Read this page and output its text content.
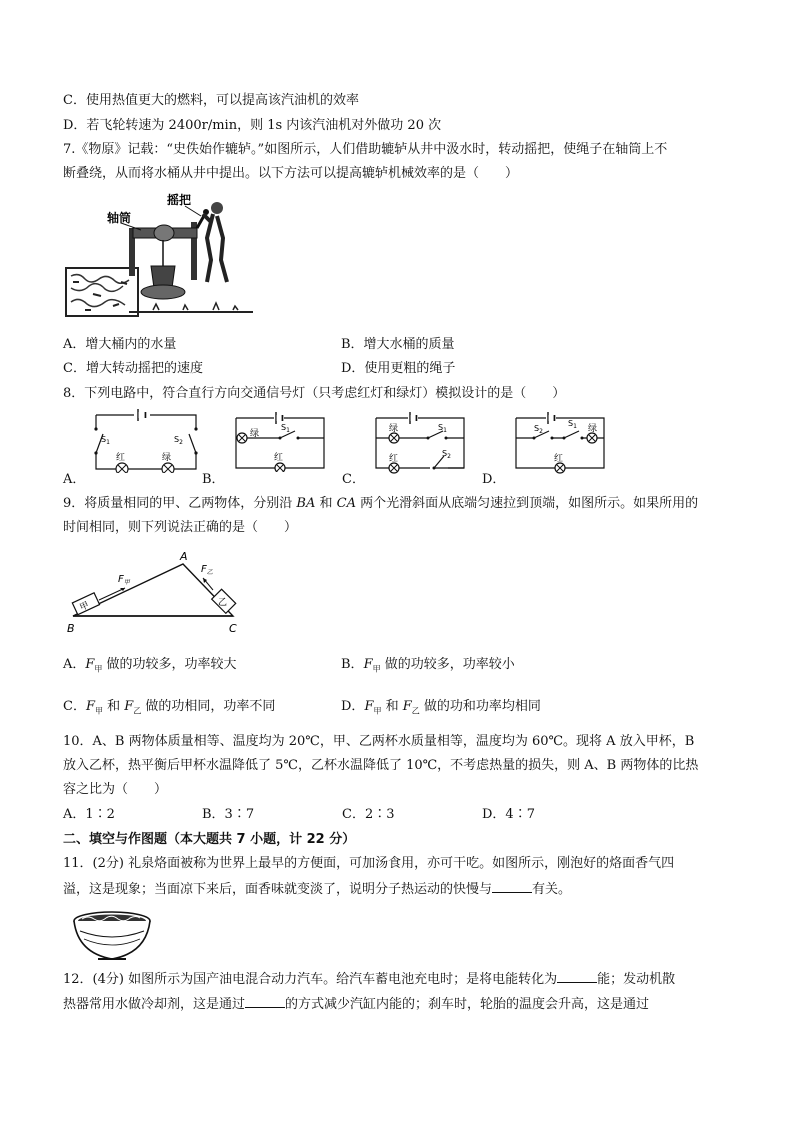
C．使用热值更大的燃料，可以提高该汽油机的效率
D．若飞轮转速为 2400r/min，则 1s 内该汽油机对外做功 20 次
7.《物原》记载：“史佚始作辘轳。”如图所示，人们借助辘轳从井中汲水时，转动摇把，使绳子在轴筒上不
断叠绕，从而将水桶从井中提出。以下方法可以提高辘轳机械效率的是（　　）
轴筒
摇把
A．增大桶内的水量	B．增大水桶的质量
C．增大转动摇把的速度	D．使用更粗的绳子
8．下列电路中，符合直行方向交通信号灯（只考虑红灯和绿灯）模拟设计的是（　　）
$S_1$	$S_2$
红	绿
绿
$S_1$
红
绿	$S_1$
红
$S_2$
$S_2$
$S_1$ 绿
红
A．	B．	C．	D．
9．将质量相同的甲、乙两物体，分别沿 BA 和 CA 两个光滑斜面从底端匀速拉到顶端，如图所示。如果所用的
时间相同，则下列说法正确的是（　　）
甲
$F_甲$
乙
$F_乙$
A
B	C
A．$F_甲$ 做的功较多，功率较大	B．$F_甲$ 做的功较多，功率较小
C．$F_甲$ 和 $F_乙$ 做的功相同，功率不同	D．$F_甲$ 和 $F_乙$ 做的功和功率均相同
10．A、B 两物体质量相等、温度均为 20℃，甲、乙两杯水质量相等，温度均为 60℃。现将 A 放入甲杯，B
放入乙杯，热平衡后甲杯水温降低了 5℃，乙杯水温降低了 10℃，不考虑热量的损失，则 A、B 两物体的比热
容之比为（　　）
A．1∶2	B．3∶7	C．2∶3	D．4∶7
二、填空与作图题（本大题共 7 小题，计 22 分）
11．(2分) 礼泉烙面被称为世界上最早的方便面，可加汤食用，亦可干吃。如图所示，刚泡好的烙面香气四
溢，这是现象；当面凉下来后，面香味就变淡了，说明分子热运动的快慢与	有关。
12．(4分) 如图所示为国产油电混合动力汽车。给汽车蓄电池充电时；是将电能转化为	能；发动机散
热器常用水做冷却剂，这是通过	的方式减少汽缸内能的；刹车时，轮胎的温度会升高，这是通过
